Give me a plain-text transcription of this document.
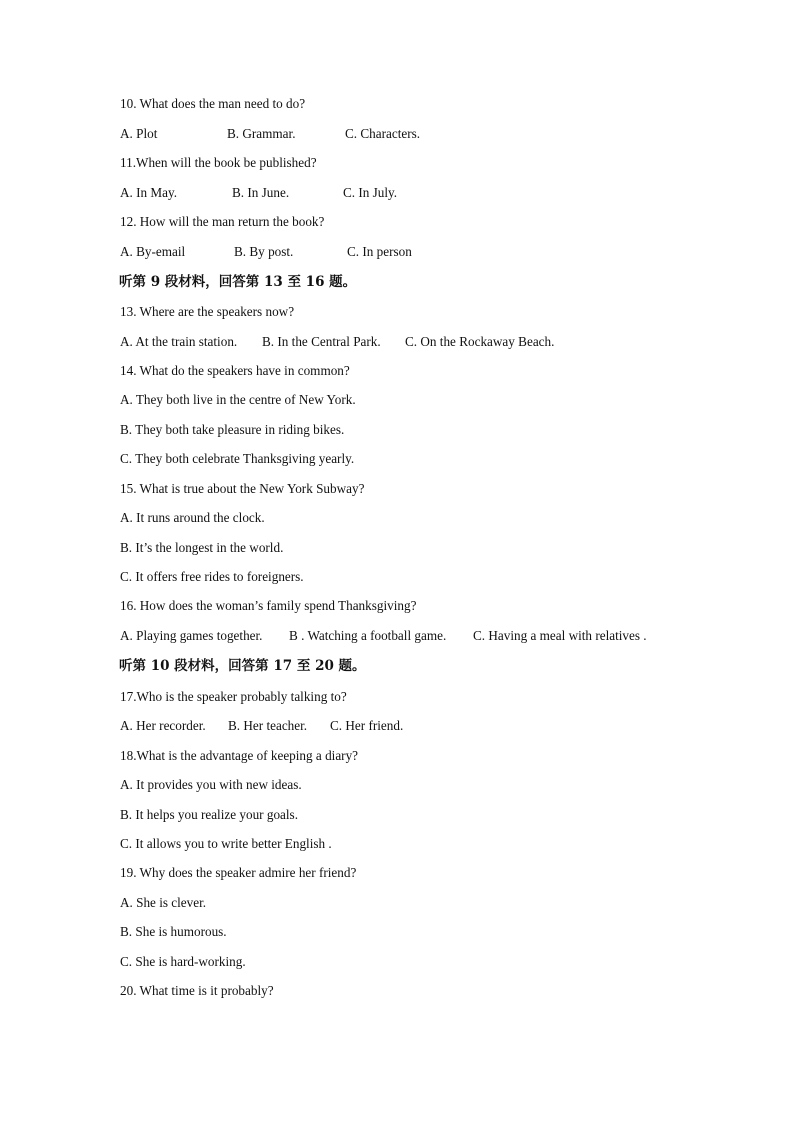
10. What does the man need to do?
A. Plot	B. Grammar.	C. Characters.
11.When will the book be published?
A. In May.	B. In June.	C. In July.
12. How will the man return the book?
A. By-email	B. By post.	C. In person
听第 9 段材料，回答第 13 至 16 题。
13. Where are the speakers now?
A. At the train station. B. In the Central Park. C. On the Rockaway Beach.
14. What do the speakers have in common?
A. They both live in the centre of New York.
B. They both take pleasure in riding bikes.
C. They both celebrate Thanksgiving yearly.
15. What is true about the New York Subway?
A. It runs around the clock.
B. It’s the longest in the world.
C. It offers free rides to foreigners.
16. How does the woman’s family spend Thanksgiving?
A. Playing games together. B . Watching a football game. C. Having a meal with relatives .
听第 10 段材料，回答第 17 至 20 题。
17.Who is the speaker probably talking to?
A. Her recorder. B. Her teacher. C. Her friend.
18.What is the advantage of keeping a diary?
A. It provides you with new ideas.
B. It helps you realize your goals.
C. It allows you to write better English .
19. Why does the speaker admire her friend?
A. She is clever.
B. She is humorous.
C. She is hard-working.
20. What time is it probably?
